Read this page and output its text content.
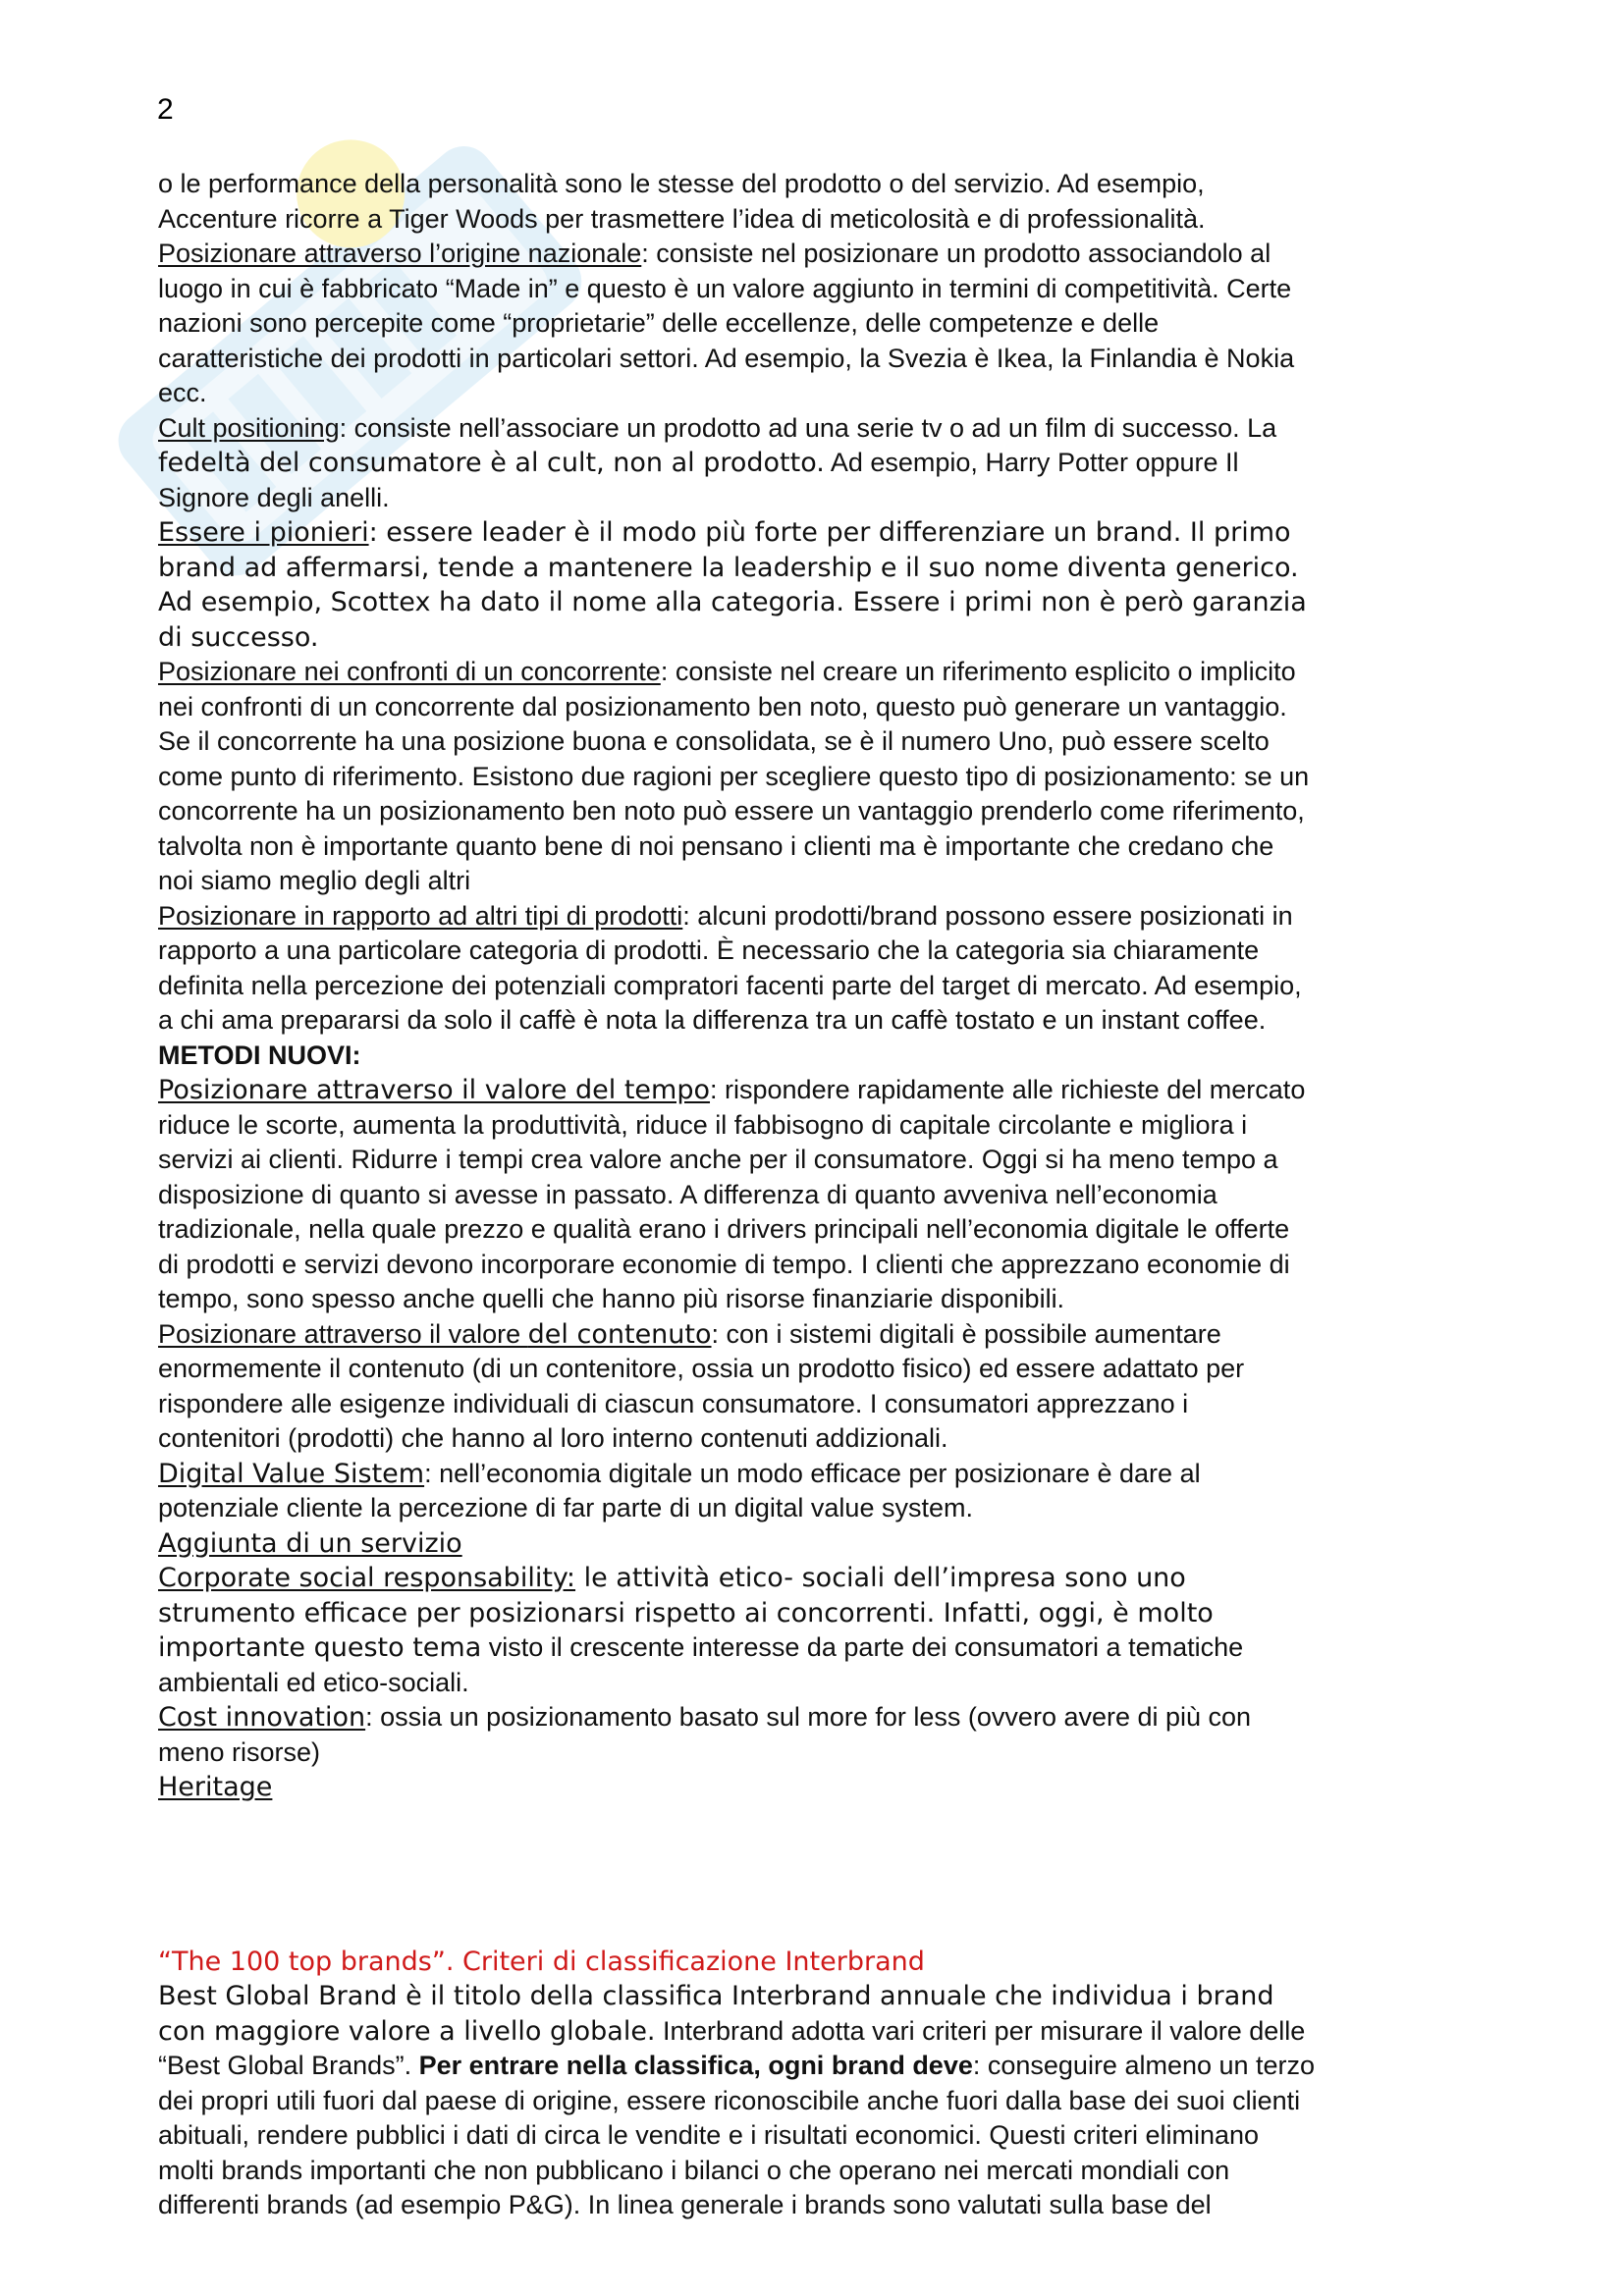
2
o le performance della personalità sono le stesse del prodotto o del servizio. Ad esempio,
Accenture ricorre a Tiger Woods per trasmettere l’idea di meticolosità e di professionalità.
Posizionare attraverso l’origine nazionale: consiste nel posizionare un prodotto associandolo al
luogo in cui è fabbricato “Made in” e questo è un valore aggiunto in termini di competitività. Certe
nazioni sono percepite come “proprietarie” delle eccellenze, delle competenze e delle
caratteristiche dei prodotti in particolari settori. Ad esempio, la Svezia è Ikea, la Finlandia è Nokia
ecc.
Cult positioning: consiste nell’associare un prodotto ad una serie tv o ad un film di successo. La
fedeltà del consumatore è al cult, non al prodotto. Ad esempio, Harry Potter oppure Il
Signore degli anelli.
Essere i pionieri: essere leader è il modo più forte per differenziare un brand. Il primo
brand ad affermarsi, tende a mantenere la leadership e il suo nome diventa generico.
Ad esempio, Scottex ha dato il nome alla categoria. Essere i primi non è però garanzia
di successo.
Posizionare nei confronti di un concorrente: consiste nel creare un riferimento esplicito o implicito
nei confronti di un concorrente dal posizionamento ben noto, questo può generare un vantaggio.
Se il concorrente ha una posizione buona e consolidata, se è il numero Uno, può essere scelto
come punto di riferimento. Esistono due ragioni per scegliere questo tipo di posizionamento: se un
concorrente ha un posizionamento ben noto può essere un vantaggio prenderlo come riferimento,
talvolta non è importante quanto bene di noi pensano i clienti ma è importante che credano che
noi siamo meglio degli altri
Posizionare in rapporto ad altri tipi di prodotti: alcuni prodotti/brand possono essere posizionati in
rapporto a una particolare categoria di prodotti. È necessario che la categoria sia chiaramente
definita nella percezione dei potenziali compratori facenti parte del target di mercato. Ad esempio,
a chi ama prepararsi da solo il caffè è nota la differenza tra un caffè tostato e un instant coffee.
METODI NUOVI:
Posizionare attraverso il valore del tempo: rispondere rapidamente alle richieste del mercato
riduce le scorte, aumenta la produttività, riduce il fabbisogno di capitale circolante e migliora i
servizi ai clienti. Ridurre i tempi crea valore anche per il consumatore. Oggi si ha meno tempo a
disposizione di quanto si avesse in passato. A differenza di quanto avveniva nell’economia
tradizionale, nella quale prezzo e qualità erano i drivers principali nell’economia digitale le offerte
di prodotti e servizi devono incorporare economie di tempo. I clienti che apprezzano economie di
tempo, sono spesso anche quelli che hanno più risorse finanziarie disponibili.
Posizionare attraverso il valore del contenuto: con i sistemi digitali è possibile aumentare
enormemente il contenuto (di un contenitore, ossia un prodotto fisico) ed essere adattato per
rispondere alle esigenze individuali di ciascun consumatore. I consumatori apprezzano i
contenitori (prodotti) che hanno al loro interno contenuti addizionali.
Digital Value Sistem: nell’economia digitale un modo efficace per posizionare è dare al
potenziale cliente la percezione di far parte di un digital value system.
Aggiunta di un servizio
Corporate social responsability: le attività etico- sociali dell’impresa sono uno
strumento efficace per posizionarsi rispetto ai concorrenti. Infatti, oggi, è molto
importante questo tema visto il crescente interesse da parte dei consumatori a tematiche
ambientali ed etico-sociali.
Cost innovation: ossia un posizionamento basato sul more for less (ovvero avere di più con
meno risorse)
Heritage
“The 100 top brands”. Criteri di classificazione Interbrand
Best Global Brand è il titolo della classifica Interbrand annuale che individua i brand
con maggiore valore a livello globale. Interbrand adotta vari criteri per misurare il valore delle
“Best Global Brands”. Per entrare nella classifica, ogni brand deve: conseguire almeno un terzo
dei propri utili fuori dal paese di origine, essere riconoscibile anche fuori dalla base dei suoi clienti
abituali, rendere pubblici i dati di circa le vendite e i risultati economici. Questi criteri eliminano
molti brands importanti che non pubblicano i bilanci o che operano nei mercati mondiali con
differenti brands (ad esempio P&G). In linea generale i brands sono valutati sulla base del
